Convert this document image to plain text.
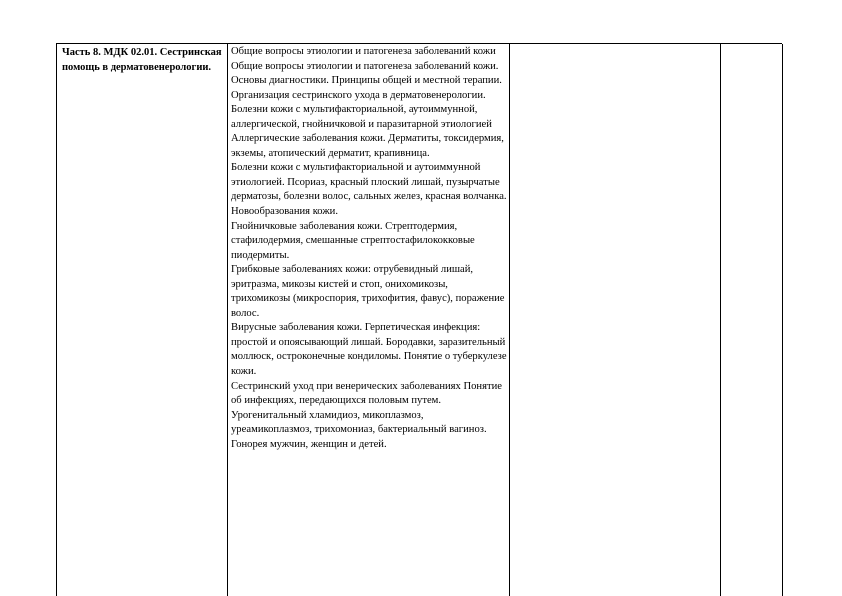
Часть 8. МДК 02.01. Сестринская помощь в дерматовенерологии.

Общие вопросы этиологии и патогенеза заболеваний кожи

Общие вопросы этиологии и патогенеза заболеваний кожи. Основы диагностики. Принципы общей и местной терапии. Организация сестринского ухода в дерматовенерологии.

Болезни кожи с мультифакториальной, аутоиммунной, аллергической, гнойничковой и паразитарной этиологией

Аллергические заболевания кожи. Дерматиты, токсидермия, экземы, атопический дерматит, крапивница.

Болезни кожи с мультифакториальной и аутоиммунной этиологией. Псориаз, красный плоский лишай, пузырчатые дерматозы, болезни волос, сальных желез, красная волчанка. Новообразования кожи.

Гнойничковые заболевания кожи. Стрептодермия, стафилодермия, смешанные стрептостафилококковые пиодермиты.

Грибковые заболеваниях кожи: отрубевидный лишай, эритразма, микозы кистей и стоп, онихомикозы, трихомикозы (микроспория, трихофития, фавус), поражение волос.

Вирусные заболевания кожи. Герпетическая инфекция: простой и опоясывающий лишай. Бородавки, заразительный моллюск, остроконечные кондиломы. Понятие о туберкулезе кожи.

Сестринский уход при венерических заболеваниях Понятие об инфекциях, передающихся половым путем. Урогенитальный хламидиоз, микоплазмоз, уреамикоплазмоз, трихомониаз, бактериальный вагиноз. Гонорея мужчин, женщин и детей.
